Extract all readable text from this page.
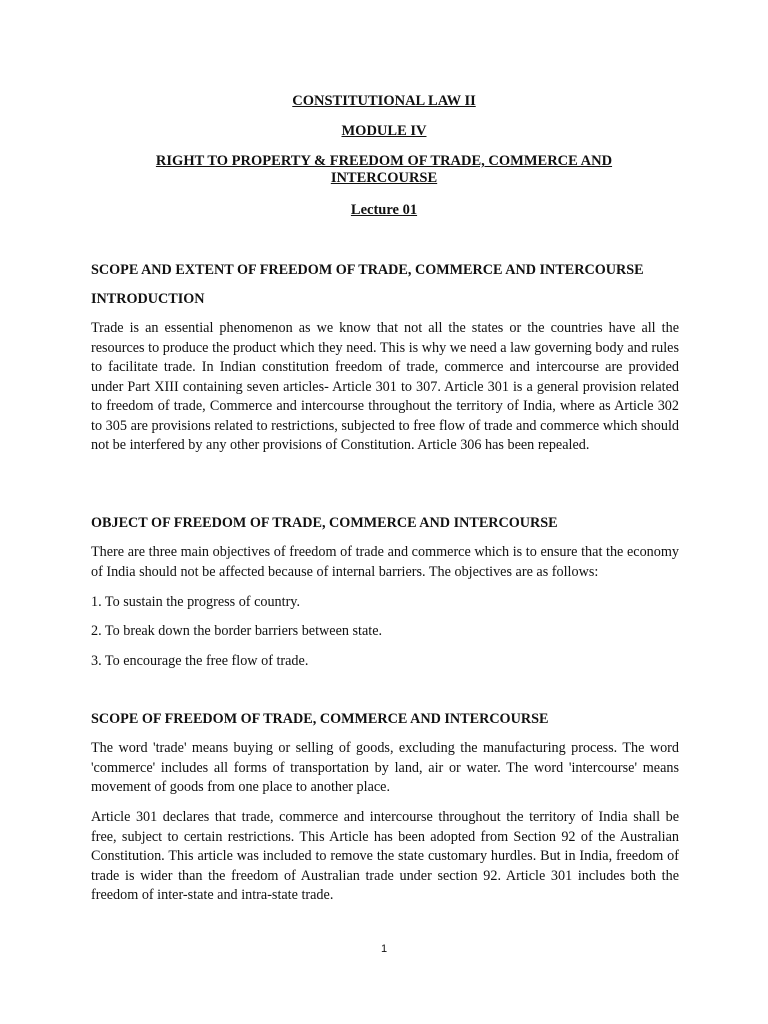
CONSTITUTIONAL LAW II

MODULE IV

RIGHT TO PROPERTY & FREEDOM OF TRADE, COMMERCE AND INTERCOURSE

Lecture 01

SCOPE AND EXTENT OF FREEDOM OF TRADE, COMMERCE AND INTERCOURSE

INTRODUCTION

Trade is an essential phenomenon as we know that not all the states or the countries have all the resources to produce the product which they need. This is why we need a law governing body and rules to facilitate trade. In Indian constitution freedom of trade, commerce and intercourse are provided under Part XIII containing seven articles- Article 301 to 307. Article 301 is a general provision related to freedom of trade, Commerce and intercourse throughout the territory of India, where as Article 302 to 305 are provisions related to restrictions, subjected to free flow of trade and commerce which should not be interfered by any other provisions of Constitution. Article 306 has been repealed.

OBJECT OF FREEDOM OF TRADE, COMMERCE AND INTERCOURSE

There are three main objectives of freedom of trade and commerce which is to ensure that the economy of India should not be affected because of internal barriers. The objectives are as follows:

1. To sustain the progress of country.

2. To break down the border barriers between state.

3. To encourage the free flow of trade.

SCOPE OF FREEDOM OF TRADE, COMMERCE AND INTERCOURSE

The word 'trade' means buying or selling of goods, excluding the manufacturing process. The word 'commerce' includes all forms of transportation by land, air or water. The word 'intercourse' means movement of goods from one place to another place.

Article 301 declares that trade, commerce and intercourse throughout the territory of India shall be free, subject to certain restrictions. This Article has been adopted from Section 92 of the Australian Constitution. This article was included to remove the state customary hurdles. But in India, freedom of trade is wider than the freedom of Australian trade under section 92. Article 301 includes both the freedom of inter-state and intra-state trade.

1
